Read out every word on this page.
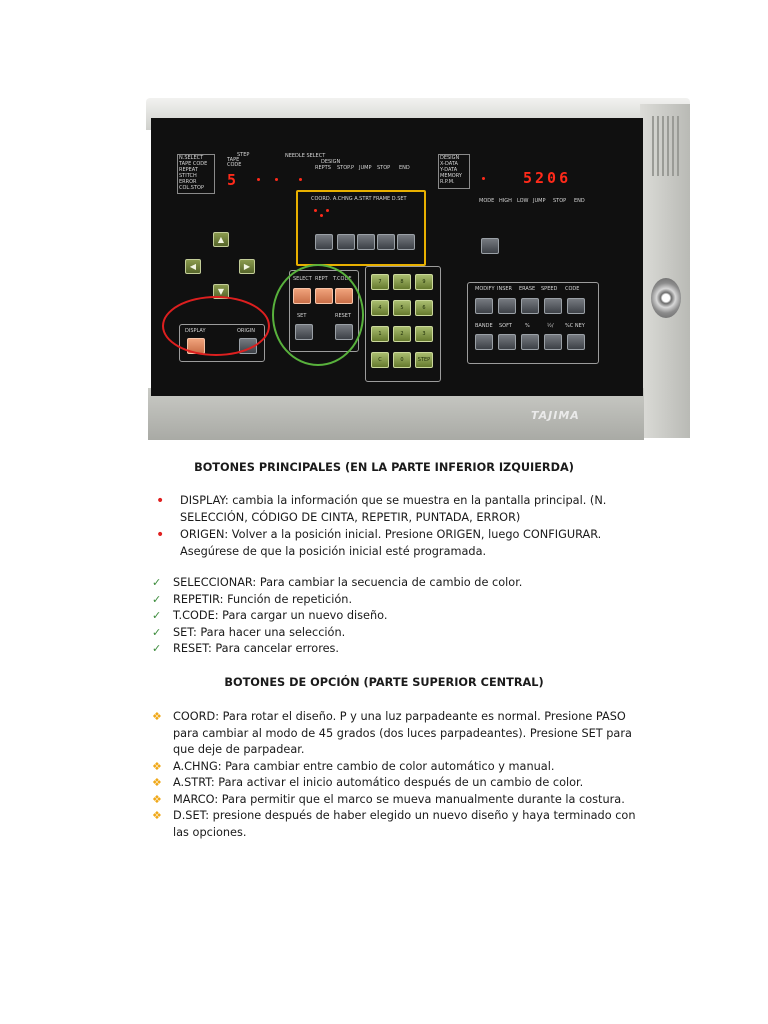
N.SELECT
TAPE CODE
REPEAT
STITCH
ERROR
COL.STOP
STEP
TAPE
CODE
NEEDLE SELECT
DESIGN
REPTS STOP.P JUMP STOP END
5
DESIGN
X-DATA
Y-DATA
MEMORY
R.P.M.	5206
MODE HIGH LOW JUMP STOP END
COORD. A.CHNG A.STRT FRAME D.SET
▲
◀	▶
▼
SELECT REPT T.CODE
SET	RESET
DISPLAY	ORIGIN
MODIFY INSER ERASE SPEED CODE
BANDE SOFT	%	½/ %C NEY
TAJIMA
7	8	9
4	5	6
1	2	3
C	0	STEP
BOTONES PRINCIPALES (EN LA PARTE INFERIOR IZQUIERDA)
• DISPLAY: cambia la información que se muestra en la pantalla principal. (N.
SELECCIÓN, CÓDIGO DE CINTA, REPETIR, PUNTADA, ERROR)
• ORIGEN: Volver a la posición inicial. Presione ORIGEN, luego CONFIGURAR.
Asegúrese de que la posición inicial esté programada.
✓ SELECCIONAR: Para cambiar la secuencia de cambio de color.
✓ REPETIR: Función de repetición.
✓ T.CODE: Para cargar un nuevo diseño.
✓ SET: Para hacer una selección.
✓ RESET: Para cancelar errores.
BOTONES DE OPCIÓN (PARTE SUPERIOR CENTRAL)
❖ COORD: Para rotar el diseño. P y una luz parpadeante es normal. Presione PASO
para cambiar al modo de 45 grados (dos luces parpadeantes). Presione SET para
que deje de parpadear.
❖ A.CHNG: Para cambiar entre cambio de color automático y manual.
❖ A.STRT: Para activar el inicio automático después de un cambio de color.
❖ MARCO: Para permitir que el marco se mueva manualmente durante la costura.
❖ D.SET: presione después de haber elegido un nuevo diseño y haya terminado con
las opciones.
